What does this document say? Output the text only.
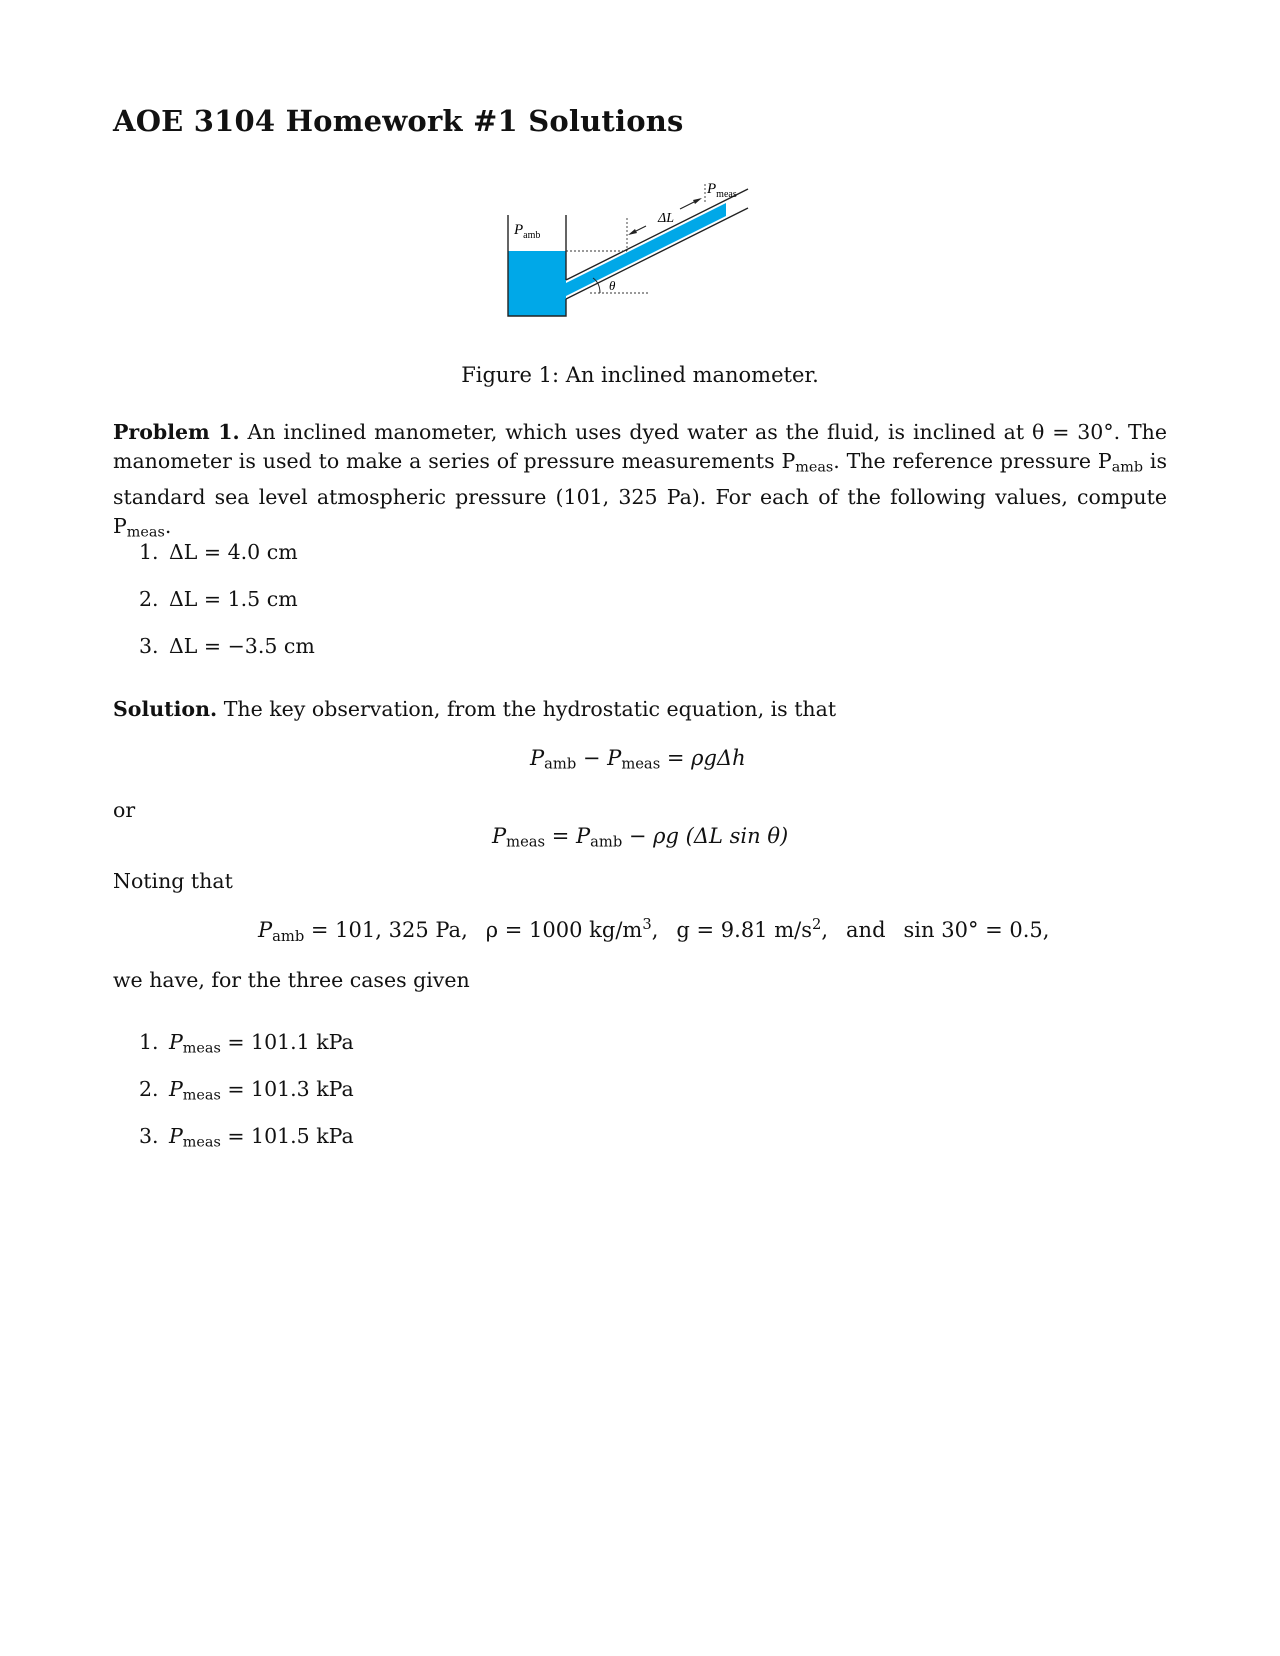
AOE 3104 Homework #1 Solutions
$P_{amb}$
$P_{meas}$
ΔL
θ
Figure 1: An inclined manometer.
Problem 1. An inclined manometer, which uses dyed water as the fluid, is inclined at θ = 30°. The manometer is used to make a series of pressure measurements $P_{meas}$. The reference pressure $P_{amb}$ is standard sea level atmospheric pressure (101, 325 Pa). For each of the following values, compute $P_{meas}$.
1. ΔL = 4.0 cm
2. ΔL = 1.5 cm
3. ΔL = −3.5 cm
Solution. The key observation, from the hydrostatic equation, is that
$P_{amb} - P_{meas} = \rho g\Delta h$
or
$P_{meas} = P_{amb} - \rho g$ (ΔL sin θ)
Noting that
$P_{amb} = 101$, 325 Pa, ρ = 1000 $kg/m^3$, g = 9.81 $m/s^2$, and sin 30° = 0.5,
we have, for the three cases given
1. $P_{meas} = 101.1$ kPa
2. $P_{meas} = 101.3$ kPa
3. $P_{meas} = 101.5$ kPa
